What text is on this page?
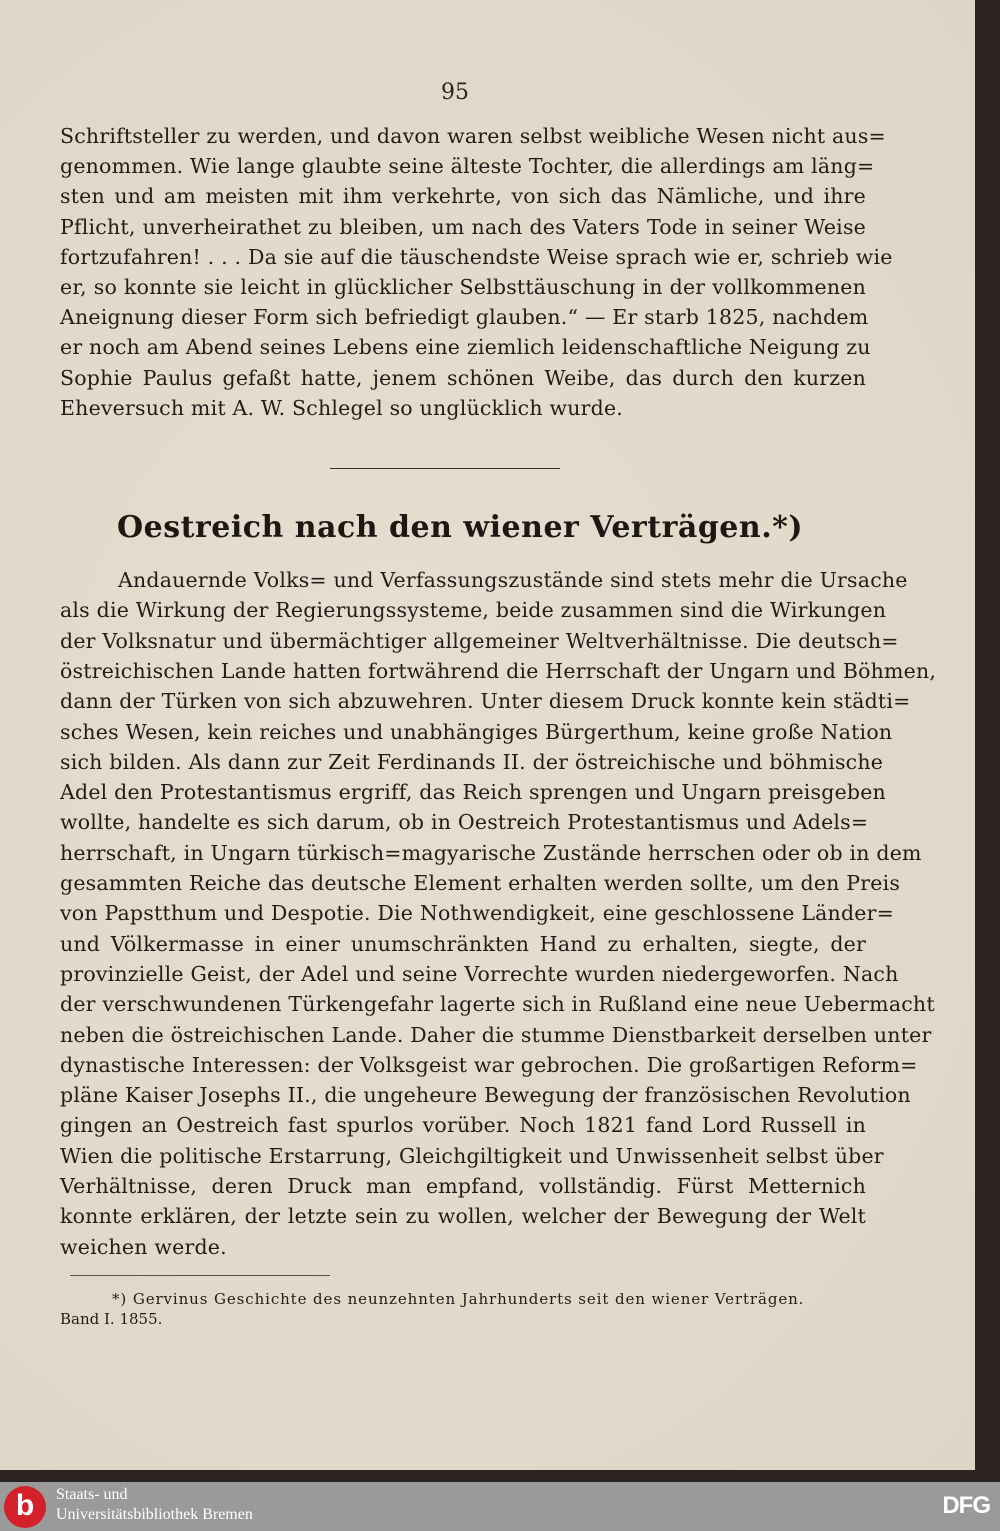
95
Schriftsteller zu werden, und davon waren selbst weibliche Wesen nicht aus=
genommen. Wie lange glaubte seine älteste Tochter, die allerdings am läng=
sten und am meisten mit ihm verkehrte, von sich das Nämliche, und ihre
Pflicht, unverheirathet zu bleiben, um nach des Vaters Tode in seiner Weise
fortzufahren! . . . Da sie auf die täuschendste Weise sprach wie er, schrieb wie
er, so konnte sie leicht in glücklicher Selbsttäuschung in der vollkommenen
Aneignung dieser Form sich befriedigt glauben.“ — Er starb 1825, nachdem
er noch am Abend seines Lebens eine ziemlich leidenschaftliche Neigung zu
Sophie Paulus gefaßt hatte, jenem schönen Weibe, das durch den kurzen
Eheversuch mit A. W. Schlegel so unglücklich wurde.
Oestreich nach den wiener Verträgen.*)
Andauernde Volks= und Verfassungszustände sind stets mehr die Ursache
als die Wirkung der Regierungssysteme, beide zusammen sind die Wirkungen
der Volksnatur und übermächtiger allgemeiner Weltverhältnisse. Die deutsch=
östreichischen Lande hatten fortwährend die Herrschaft der Ungarn und Böhmen,
dann der Türken von sich abzuwehren. Unter diesem Druck konnte kein städti=
sches Wesen, kein reiches und unabhängiges Bürgerthum, keine große Nation
sich bilden. Als dann zur Zeit Ferdinands II. der östreichische und böhmische
Adel den Protestantismus ergriff, das Reich sprengen und Ungarn preisgeben
wollte, handelte es sich darum, ob in Oestreich Protestantismus und Adels=
herrschaft, in Ungarn türkisch=magyarische Zustände herrschen oder ob in dem
gesammten Reiche das deutsche Element erhalten werden sollte, um den Preis
von Papstthum und Despotie. Die Nothwendigkeit, eine geschlossene Länder=
und Völkermasse in einer unumschränkten Hand zu erhalten, siegte, der
provinzielle Geist, der Adel und seine Vorrechte wurden niedergeworfen. Nach
der verschwundenen Türkengefahr lagerte sich in Rußland eine neue Uebermacht
neben die östreichischen Lande. Daher die stumme Dienstbarkeit derselben unter
dynastische Interessen: der Volksgeist war gebrochen. Die großartigen Reform=
pläne Kaiser Josephs II., die ungeheure Bewegung der französischen Revolution
gingen an Oestreich fast spurlos vorüber. Noch 1821 fand Lord Russell in
Wien die politische Erstarrung, Gleichgiltigkeit und Unwissenheit selbst über
Verhältnisse, deren Druck man empfand, vollständig. Fürst Metternich
konnte erklären, der letzte sein zu wollen, welcher der Bewegung der Welt
weichen werde.
*) Gervinus Geschichte des neunzehnten Jahrhunderts seit den wiener Verträgen.
Band I. 1855.
b	Staats- und
Universitätsbibliothek Bremen	DFG
